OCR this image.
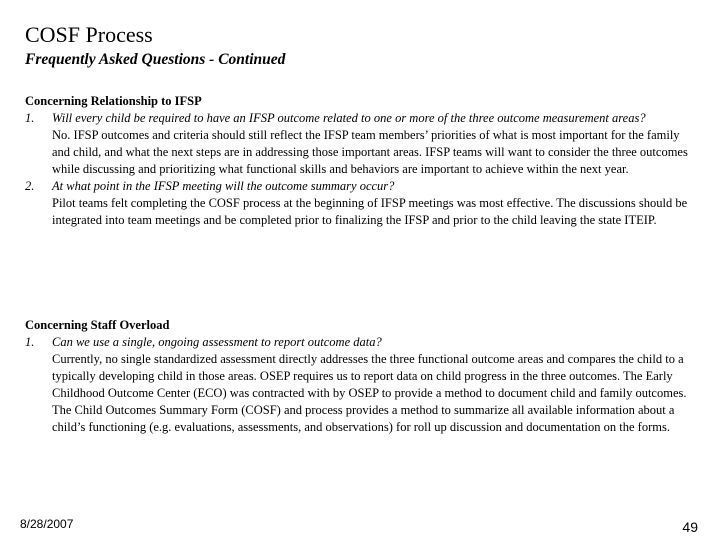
COSF Process
Frequently Asked Questions - Continued
Concerning Relationship to IFSP
1. Will every child be required to have an IFSP outcome related to one or more of the three outcome measurement areas?
No. IFSP outcomes and criteria should still reflect the IFSP team members’ priorities of what is most important for the family and child, and what the next steps are in addressing those important areas. IFSP teams will want to consider the three outcomes while discussing and prioritizing what functional skills and behaviors are important to achieve within the next year.
2. At what point in the IFSP meeting will the outcome summary occur?
Pilot teams felt completing the COSF process at the beginning of IFSP meetings was most effective. The discussions should be integrated into team meetings and be completed prior to finalizing the IFSP and prior to the child leaving the state ITEIP.
Concerning Staff Overload
1. Can we use a single, ongoing assessment to report outcome data?
Currently, no single standardized assessment directly addresses the three functional outcome areas and compares the child to a typically developing child in those areas. OSEP requires us to report data on child progress in the three outcomes. The Early Childhood Outcome Center (ECO) was contracted with by OSEP to provide a method to document child and family outcomes. The Child Outcomes Summary Form (COSF) and process provides a method to summarize all available information about a child’s functioning (e.g. evaluations, assessments, and observations) for roll up discussion and documentation on the forms.
8/28/2007	49
